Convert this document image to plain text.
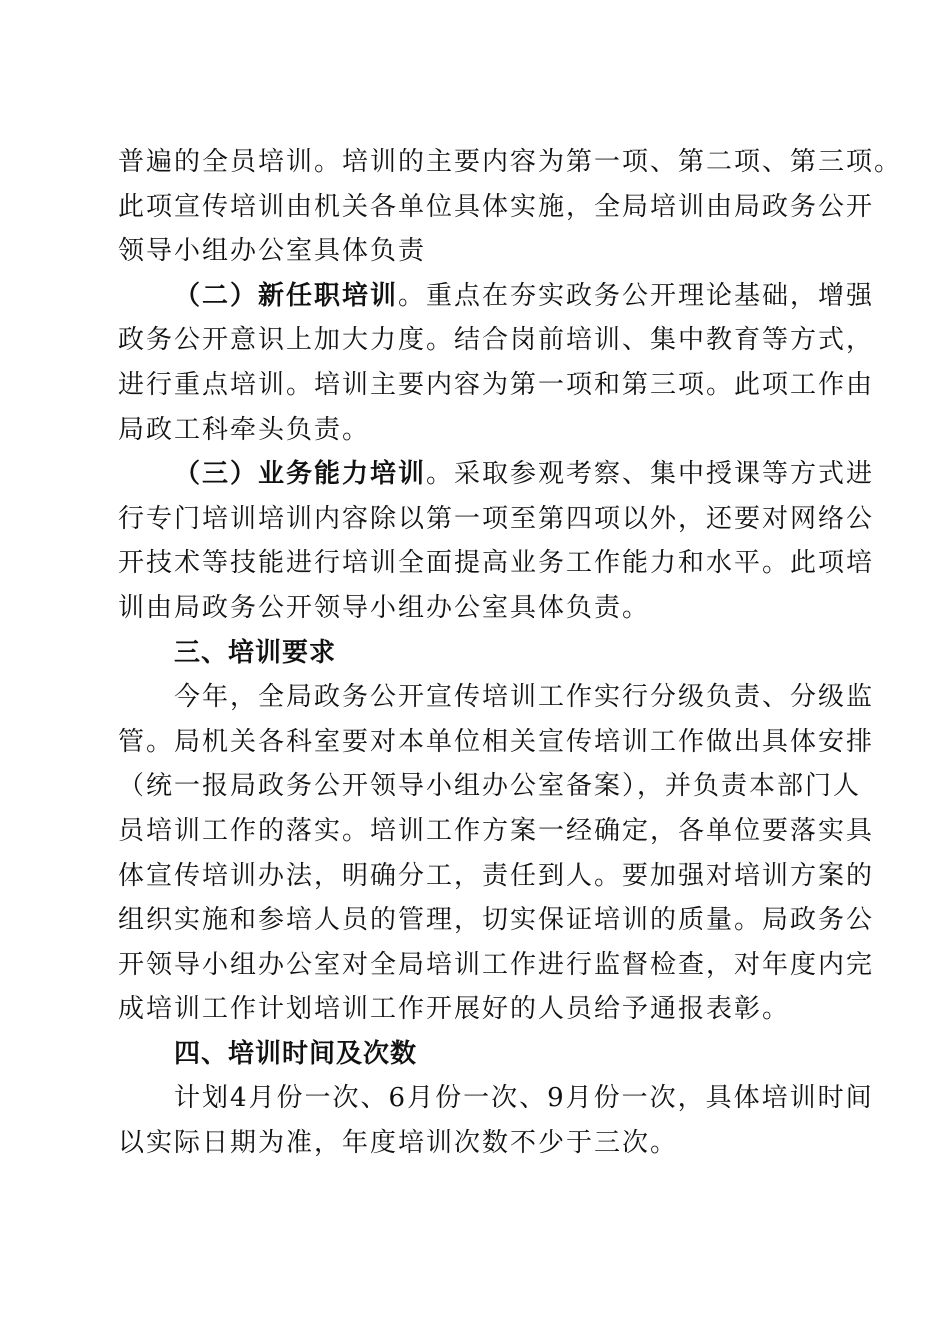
普遍的全员培训。培训的主要内容为第一项、第二项、第三项。
此项宣传培训由机关各单位具体实施，全局培训由局政务公开
领导小组办公室具体负责
（二）新任职培训。重点在夯实政务公开理论基础，增强
政务公开意识上加大力度。结合岗前培训、集中教育等方式，
进行重点培训。培训主要内容为第一项和第三项。此项工作由
局政工科牵头负责。
（三）业务能力培训。采取参观考察、集中授课等方式进
行专门培训培训内容除以第一项至第四项以外，还要对网络公
开技术等技能进行培训全面提高业务工作能力和水平。此项培
训由局政务公开领导小组办公室具体负责。
三、培训要求
今年，全局政务公开宣传培训工作实行分级负责、分级监
管。局机关各科室要对本单位相关宣传培训工作做出具体安排
（统一报局政务公开领导小组办公室备案），并负责本部门人
员培训工作的落实。培训工作方案一经确定，各单位要落实具
体宣传培训办法，明确分工，责任到人。要加强对培训方案的
组织实施和参培人员的管理，切实保证培训的质量。局政务公
开领导小组办公室对全局培训工作进行监督检查，对年度内完
成培训工作计划培训工作开展好的人员给予通报表彰。
四、培训时间及次数
计划4月份一次、6月份一次、9月份一次，具体培训时间
以实际日期为准，年度培训次数不少于三次。
